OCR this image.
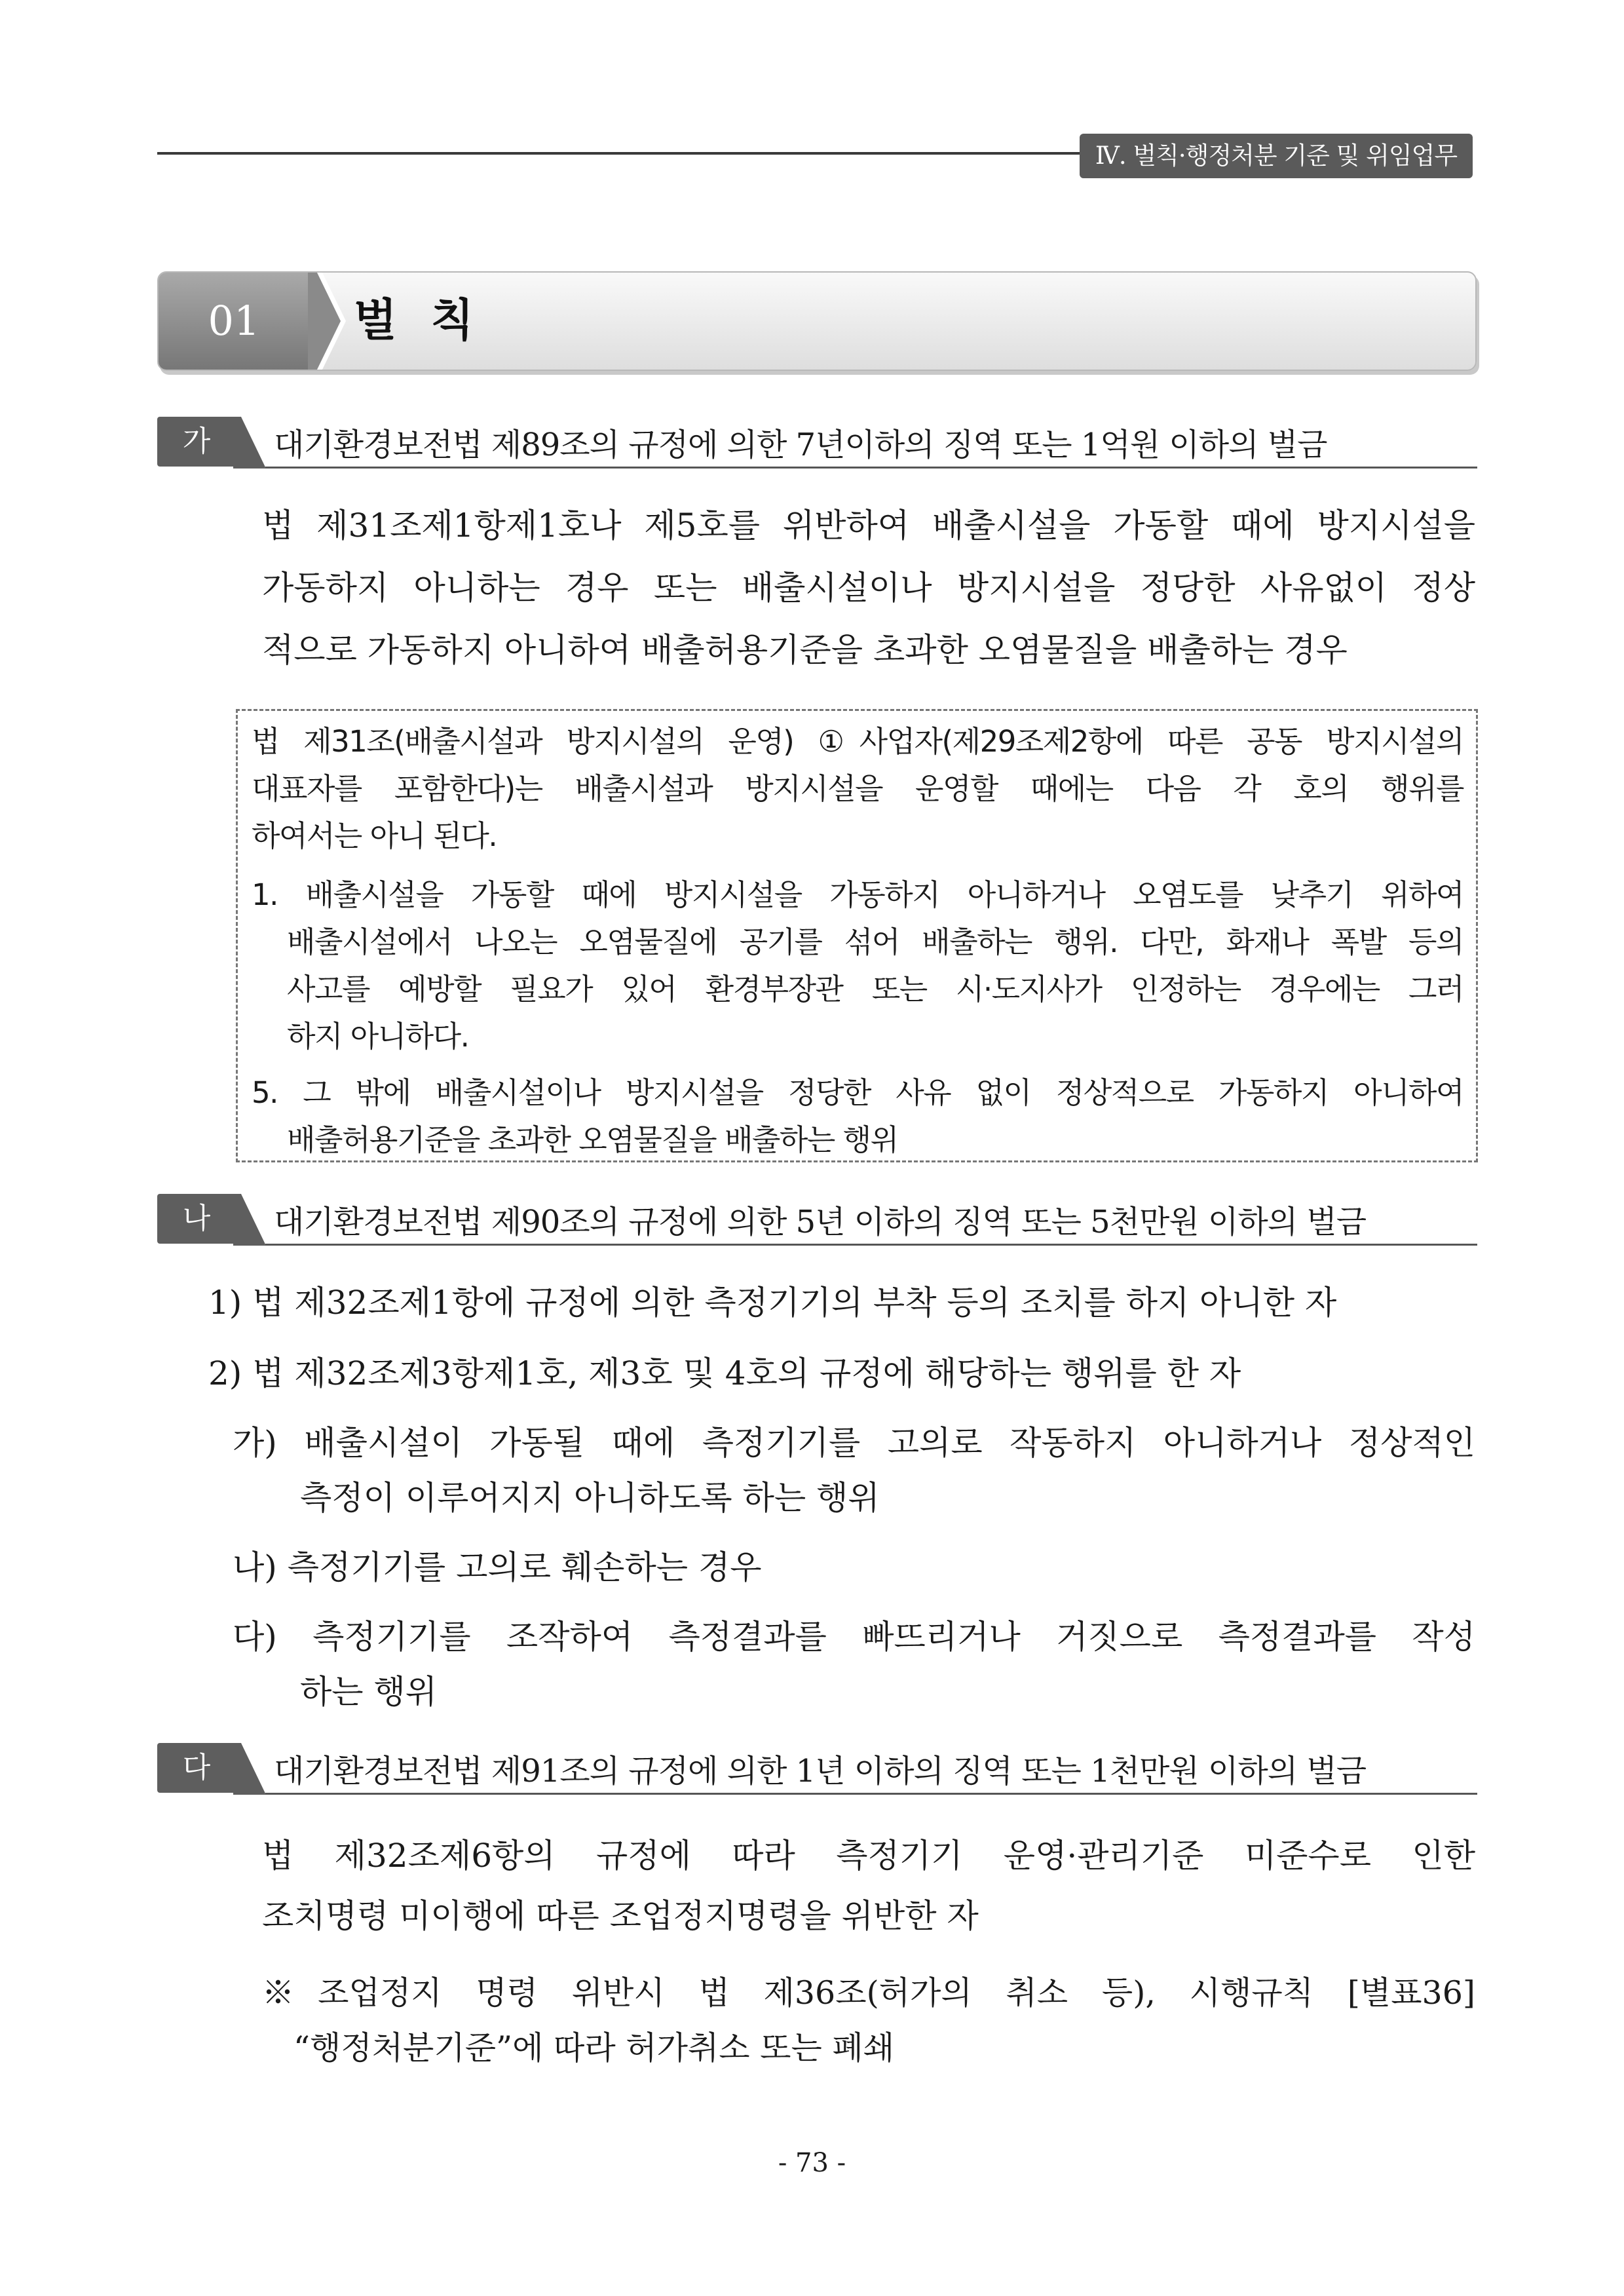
Ⅳ. 벌칙·행정처분 기준 및 위임업무
01	벌 칙
가	대기환경보전법 제89조의 규정에 의한 7년이하의 징역 또는 1억원 이하의 벌금
법 제31조제1항제1호나 제5호를 위반하여 배출시설을 가동할 때에 방지시설을
가동하지 아니하는 경우 또는 배출시설이나 방지시설을 정당한 사유없이 정상
적으로 가동하지 아니하여 배출허용기준을 초과한 오염물질을 배출하는 경우
법 제31조(배출시설과 방지시설의 운영) ①사업자(제29조제2항에 따른 공동 방지시설의
대표자를 포함한다)는 배출시설과 방지시설을 운영할 때에는 다음 각 호의 행위를
하여서는 아니 된다.
1. 배출시설을 가동할 때에 방지시설을 가동하지 아니하거나 오염도를 낮추기 위하여
배출시설에서 나오는 오염물질에 공기를 섞어 배출하는 행위. 다만, 화재나 폭발 등의
사고를 예방할 필요가 있어 환경부장관 또는 시·도지사가 인정하는 경우에는 그러
하지 아니하다.
5. 그 밖에 배출시설이나 방지시설을 정당한 사유 없이 정상적으로 가동하지 아니하여
배출허용기준을 초과한 오염물질을 배출하는 행위
나	대기환경보전법 제90조의 규정에 의한 5년 이하의 징역 또는 5천만원 이하의 벌금
1) 법 제32조제1항에 규정에 의한 측정기기의 부착 등의 조치를 하지 아니한 자
2) 법 제32조제3항제1호, 제3호 및 4호의 규정에 해당하는 행위를 한 자
가) 배출시설이 가동될 때에 측정기기를 고의로 작동하지 아니하거나 정상적인
측정이 이루어지지 아니하도록 하는 행위
나) 측정기기를 고의로 훼손하는 경우
다) 측정기기를 조작하여 측정결과를 빠뜨리거나 거짓으로 측정결과를 작성
하는 행위
다	대기환경보전법 제91조의 규정에 의한 1년 이하의 징역 또는 1천만원 이하의 벌금
법 제32조제6항의 규정에 따라 측정기기 운영·관리기준 미준수로 인한
조치명령 미이행에 따른 조업정지명령을 위반한 자
※조업정지 명령 위반시 법 제36조(허가의 취소 등), 시행규칙 [별표36]
“행정처분기준”에 따라 허가취소 또는 폐쇄
- 73 -
